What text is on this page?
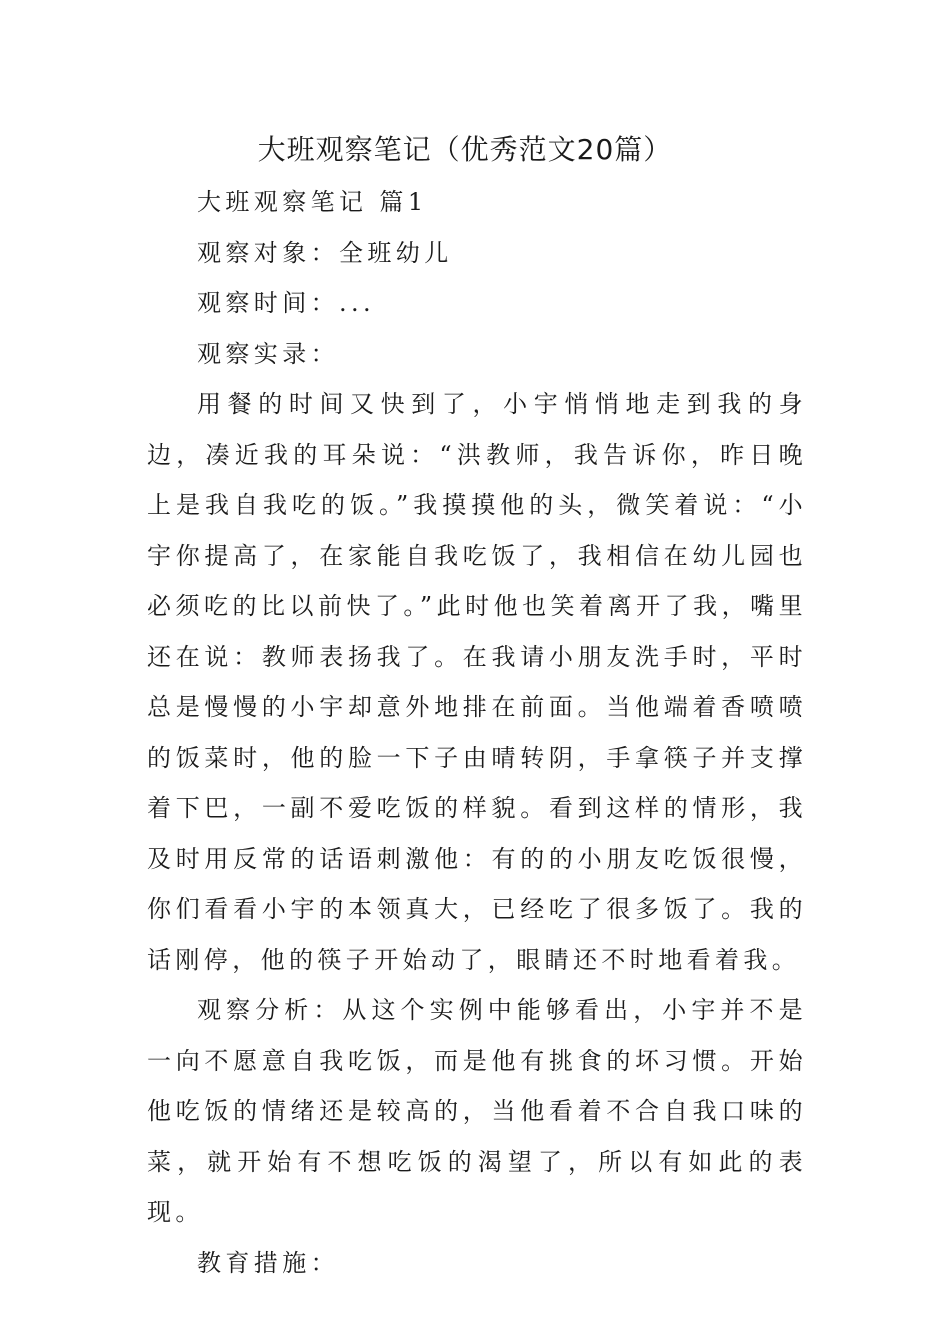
大班观察笔记（优秀范文20篇）

大班观察笔记 篇1

观察对象：全班幼儿

观察时间：...

观察实录：

用餐的时间又快到了，小宇悄悄地走到我的身边，凑近我的耳朵说：“洪教师，我告诉你，昨日晚上是我自我吃的饭。”我摸摸他的头，微笑着说：“小宇你提高了，在家能自我吃饭了，我相信在幼儿园也必须吃的比以前快了。”此时他也笑着离开了我，嘴里还在说：教师表扬我了。在我请小朋友洗手时，平时总是慢慢的小宇却意外地排在前面。当他端着香喷喷的饭菜时，他的脸一下子由晴转阴，手拿筷子并支撑着下巴，一副不爱吃饭的样貌。看到这样的情形，我及时用反常的话语刺激他：有的的小朋友吃饭很慢，你们看看小宇的本领真大，已经吃了很多饭了。我的话刚停，他的筷子开始动了，眼睛还不时地看着我。

观察分析：从这个实例中能够看出，小宇并不是一向不愿意自我吃饭，而是他有挑食的坏习惯。开始他吃饭的情绪还是较高的，当他看着不合自我口味的菜，就开始有不想吃饭的渴望了，所以有如此的表现。

教育措施：
